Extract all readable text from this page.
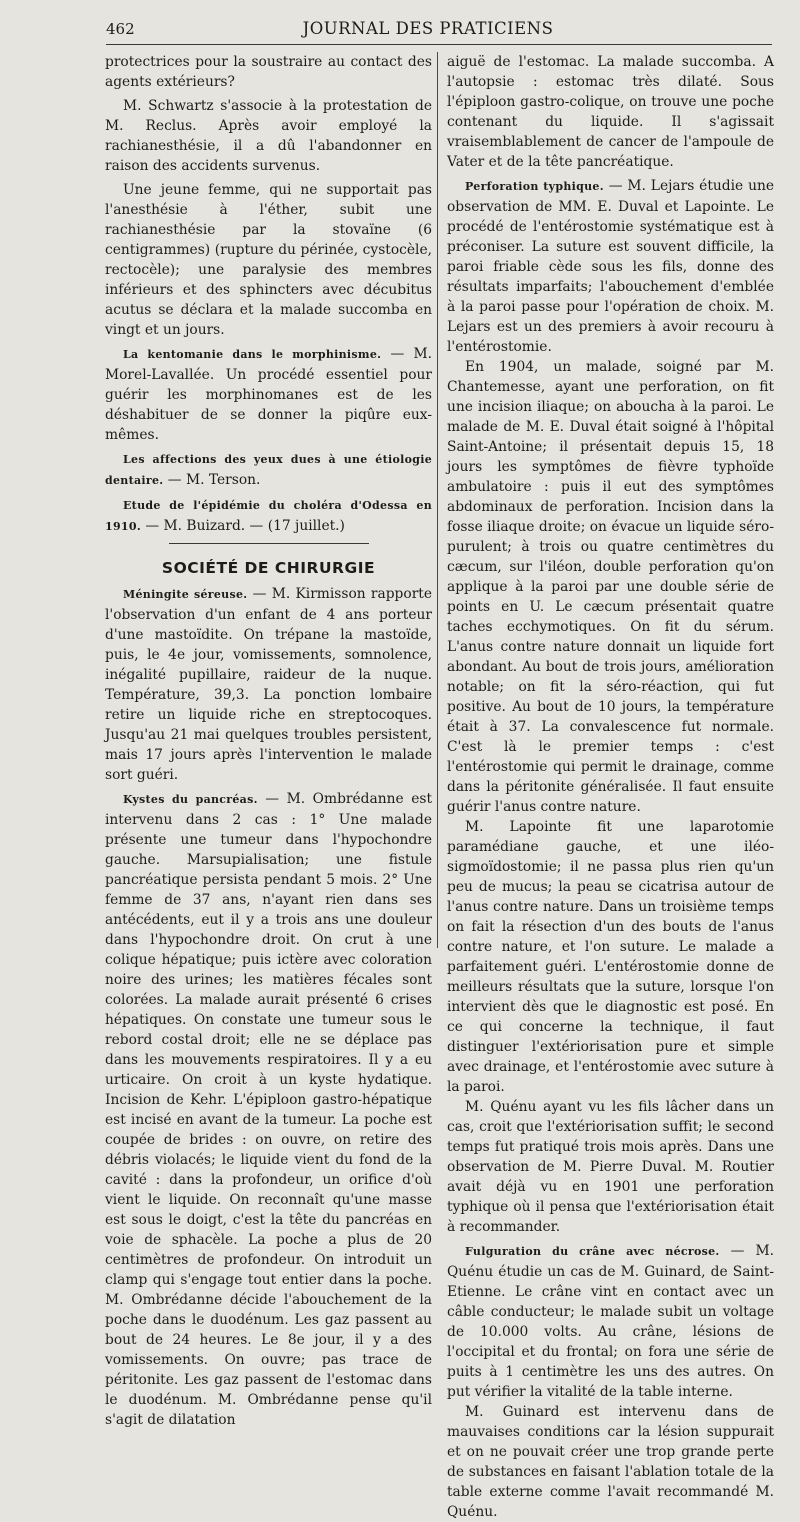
462	JOURNAL DES PRATICIENS

protectrices pour la soustraire au contact des agents extérieurs?

M. Schwartz s'associe à la protestation de M. Reclus. Après avoir employé la rachianesthésie, il a dû l'abandonner en raison des accidents survenus.

Une jeune femme, qui ne supportait pas l'anesthésie à l'éther, subit une rachianesthésie par la stovaïne (6 centigrammes) (rupture du périnée, cystocèle, rectocèle); une paralysie des membres inférieurs et des sphincters avec décubitus acutus se déclara et la malade succomba en vingt et un jours.

La kentomanie dans le morphinisme. — M. Morel-Lavallée. Un procédé essentiel pour guérir les morphinomanes est de les déshabituer de se donner la piqûre eux-mêmes.

Les affections des yeux dues à une étiologie dentaire. — M. Terson.

Etude de l'épidémie du choléra d'Odessa en 1910. — M. Buizard. — (17 juillet.)

SOCIÉTÉ DE CHIRURGIE

Méningite séreuse. — M. Kirmisson rapporte l'observation d'un enfant de 4 ans porteur d'une mastoïdite. On trépane la mastoïde, puis, le 4e jour, vomissements, somnolence, inégalité pupillaire, raideur de la nuque. Température, 39,3. La ponction lombaire retire un liquide riche en streptocoques. Jusqu'au 21 mai quelques troubles persistent, mais 17 jours après l'intervention le malade sort guéri.

Kystes du pancréas. — M. Ombrédanne est intervenu dans 2 cas : 1° Une malade présente une tumeur dans l'hypochondre gauche. Marsupialisation; une fistule pancréatique persista pendant 5 mois. 2° Une femme de 37 ans, n'ayant rien dans ses antécédents, eut il y a trois ans une douleur dans l'hypochondre droit. On crut à une colique hépatique; puis ictère avec coloration noire des urines; les matières fécales sont colorées. La malade aurait présenté 6 crises hépatiques. On constate une tumeur sous le rebord costal droit; elle ne se déplace pas dans les mouvements respiratoires. Il y a eu urticaire. On croit à un kyste hydatique. Incision de Kehr. L'épiploon gastro-hépatique est incisé en avant de la tumeur. La poche est coupée de brides : on ouvre, on retire des débris violacés; le liquide vient du fond de la cavité : dans la profondeur, un orifice d'où vient le liquide. On reconnaît qu'une masse est sous le doigt, c'est la tête du pancréas en voie de sphacèle. La poche a plus de 20 centimètres de profondeur. On introduit un clamp qui s'engage tout entier dans la poche. M. Ombrédanne décide l'abouchement de la poche dans le duodénum. Les gaz passent au bout de 24 heures. Le 8e jour, il y a des vomissements. On ouvre; pas trace de péritonite. Les gaz passent de l'estomac dans le duodénum. M. Ombrédanne pense qu'il s'agit de dilatation

aiguë de l'estomac. La malade succomba. A l'autopsie : estomac très dilaté. Sous l'épiploon gastro-colique, on trouve une poche contenant du liquide. Il s'agissait vraisemblablement de cancer de l'ampoule de Vater et de la tête pancréatique.

Perforation typhique. — M. Lejars étudie une observation de MM. E. Duval et Lapointe. Le procédé de l'entérostomie systématique est à préconiser. La suture est souvent difficile, la paroi friable cède sous les fils, donne des résultats imparfaits; l'abouchement d'emblée à la paroi passe pour l'opération de choix. M. Lejars est un des premiers à avoir recouru à l'entérostomie.

En 1904, un malade, soigné par M. Chantemesse, ayant une perforation, on fit une incision iliaque; on aboucha à la paroi. Le malade de M. E. Duval était soigné à l'hôpital Saint-Antoine; il présentait depuis 15, 18 jours les symptômes de fièvre typhoïde ambulatoire : puis il eut des symptômes abdominaux de perforation. Incision dans la fosse iliaque droite; on évacue un liquide séro-purulent; à trois ou quatre centimètres du cæcum, sur l'iléon, double perforation qu'on applique à la paroi par une double série de points en U. Le cæcum présentait quatre taches ecchymotiques. On fit du sérum. L'anus contre nature donnait un liquide fort abondant. Au bout de trois jours, amélioration notable; on fit la séro-réaction, qui fut positive. Au bout de 10 jours, la température était à 37. La convalescence fut normale. C'est là le premier temps : c'est l'entérostomie qui permit le drainage, comme dans la péritonite généralisée. Il faut ensuite guérir l'anus contre nature.

M. Lapointe fit une laparotomie paramédiane gauche, et une iléo-sigmoïdostomie; il ne passa plus rien qu'un peu de mucus; la peau se cicatrisa autour de l'anus contre nature. Dans un troisième temps on fait la résection d'un des bouts de l'anus contre nature, et l'on suture. Le malade a parfaitement guéri. L'entérostomie donne de meilleurs résultats que la suture, lorsque l'on intervient dès que le diagnostic est posé. En ce qui concerne la technique, il faut distinguer l'extériorisation pure et simple avec drainage, et l'entérostomie avec suture à la paroi.

M. Quénu ayant vu les fils lâcher dans un cas, croit que l'extériorisation suffit; le second temps fut pratiqué trois mois après. Dans une observation de M. Pierre Duval. M. Routier avait déjà vu en 1901 une perforation typhique où il pensa que l'extériorisation était à recommander.

Fulguration du crâne avec nécrose. — M. Quénu étudie un cas de M. Guinard, de Saint-Etienne. Le crâne vint en contact avec un câble conducteur; le malade subit un voltage de 10.000 volts. Au crâne, lésions de l'occipital et du frontal; on fora une série de puits à 1 centimètre les uns des autres. On put vérifier la vitalité de la table interne.

M. Guinard est intervenu dans de mauvaises conditions car la lésion suppurait et on ne pouvait créer une trop grande perte de substances en faisant l'ablation totale de la table externe comme l'avait recommandé M. Quénu.
